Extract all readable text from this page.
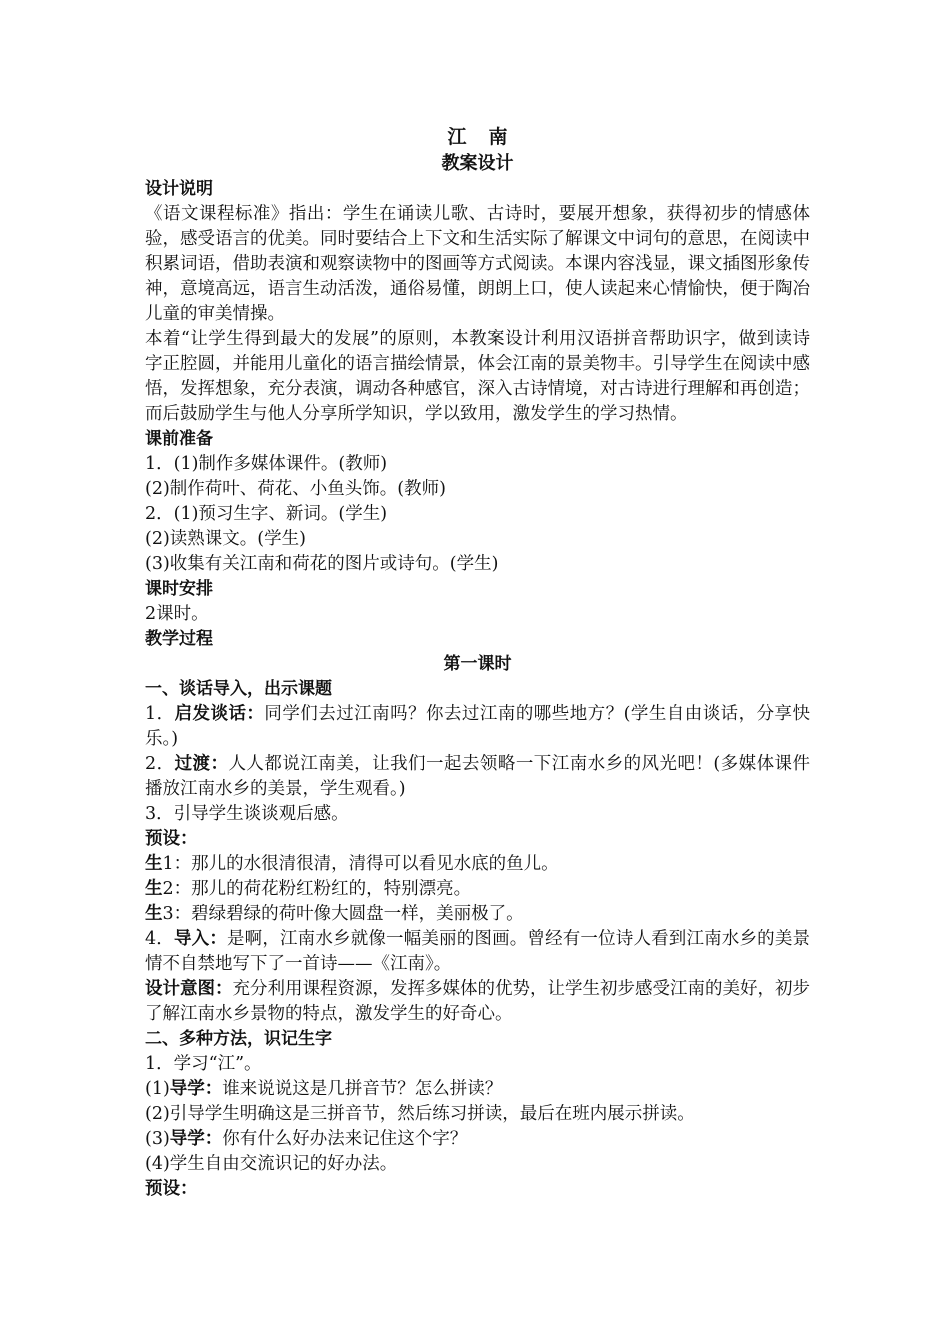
江 南
教案设计
设计说明
《语文课程标准》指出：学生在诵读儿歌、古诗时，要展开想象，获得初步的情感体验，感受语言的优美。同时要结合上下文和生活实际了解课文中词句的意思，在阅读中积累词语，借助表演和观察读物中的图画等方式阅读。本课内容浅显，课文插图形象传神，意境高远，语言生动活泼，通俗易懂，朗朗上口，使人读起来心情愉快，便于陶冶儿童的审美情操。
本着“让学生得到最大的发展”的原则，本教案设计利用汉语拼音帮助识字，做到读诗字正腔圆，并能用儿童化的语言描绘情景，体会江南的景美物丰。引导学生在阅读中感悟，发挥想象，充分表演，调动各种感官，深入古诗情境，对古诗进行理解和再创造；而后鼓励学生与他人分享所学知识，学以致用，激发学生的学习热情。
课前准备
1．(1)制作多媒体课件。(教师)
(2)制作荷叶、荷花、小鱼头饰。(教师)
2．(1)预习生字、新词。(学生)
(2)读熟课文。(学生)
(3)收集有关江南和荷花的图片或诗句。(学生)
课时安排
2课时。
教学过程
第一课时
一、谈话导入，出示课题
1．启发谈话：同学们去过江南吗？你去过江南的哪些地方？(学生自由谈话，分享快乐。)
2．过渡：人人都说江南美，让我们一起去领略一下江南水乡的风光吧！(多媒体课件播放江南水乡的美景，学生观看。)
3．引导学生谈谈观后感。
预设：
生1：那儿的水很清很清，清得可以看见水底的鱼儿。
生2：那儿的荷花粉红粉红的，特别漂亮。
生3：碧绿碧绿的荷叶像大圆盘一样，美丽极了。
4．导入：是啊，江南水乡就像一幅美丽的图画。曾经有一位诗人看到江南水乡的美景情不自禁地写下了一首诗——《江南》。
设计意图：充分利用课程资源，发挥多媒体的优势，让学生初步感受江南的美好，初步了解江南水乡景物的特点，激发学生的好奇心。
二、多种方法，识记生字
1．学习“江”。
(1)导学：谁来说说这是几拼音节？怎么拼读？
(2)引导学生明确这是三拼音节，然后练习拼读，最后在班内展示拼读。
(3)导学：你有什么好办法来记住这个字？
(4)学生自由交流识记的好办法。
预设：
